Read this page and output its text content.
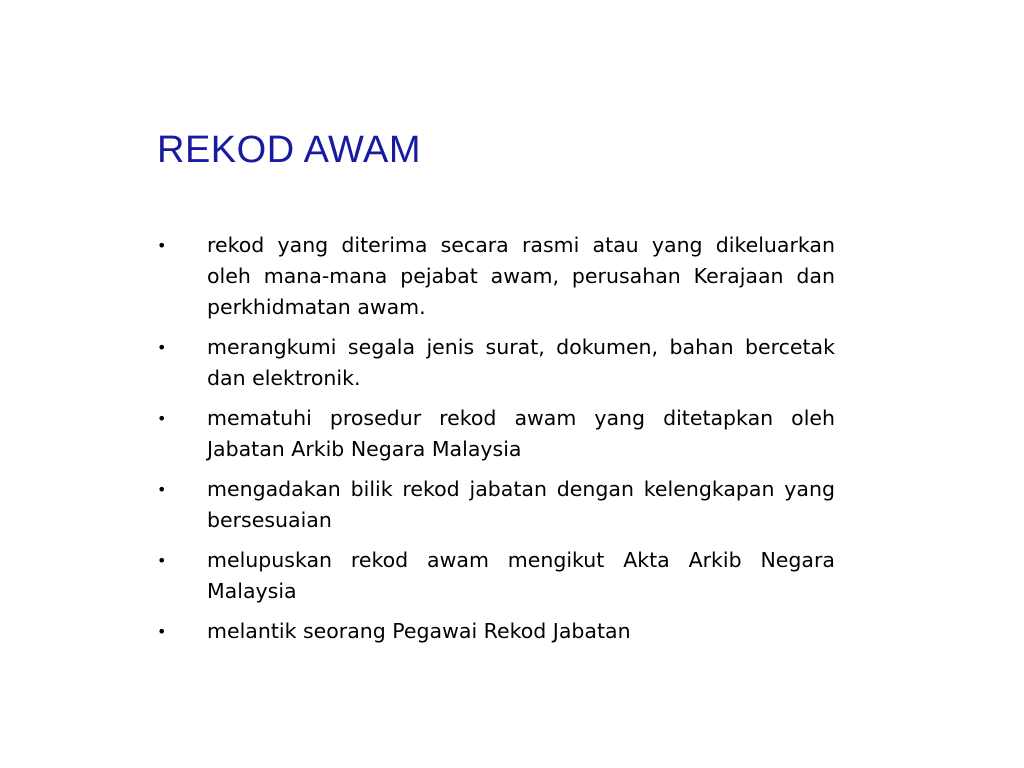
REKOD AWAM
• rekod yang diterima secara rasmi atau yang dikeluarkan oleh mana-mana pejabat awam, perusahan Kerajaan dan perkhidmatan awam.
• merangkumi segala jenis surat, dokumen, bahan bercetak dan elektronik.
• mematuhi prosedur rekod awam yang ditetapkan oleh Jabatan Arkib Negara Malaysia
• mengadakan bilik rekod jabatan dengan kelengkapan yang bersesuaian
• melupuskan rekod awam mengikut Akta Arkib Negara Malaysia
• melantik seorang Pegawai Rekod Jabatan
